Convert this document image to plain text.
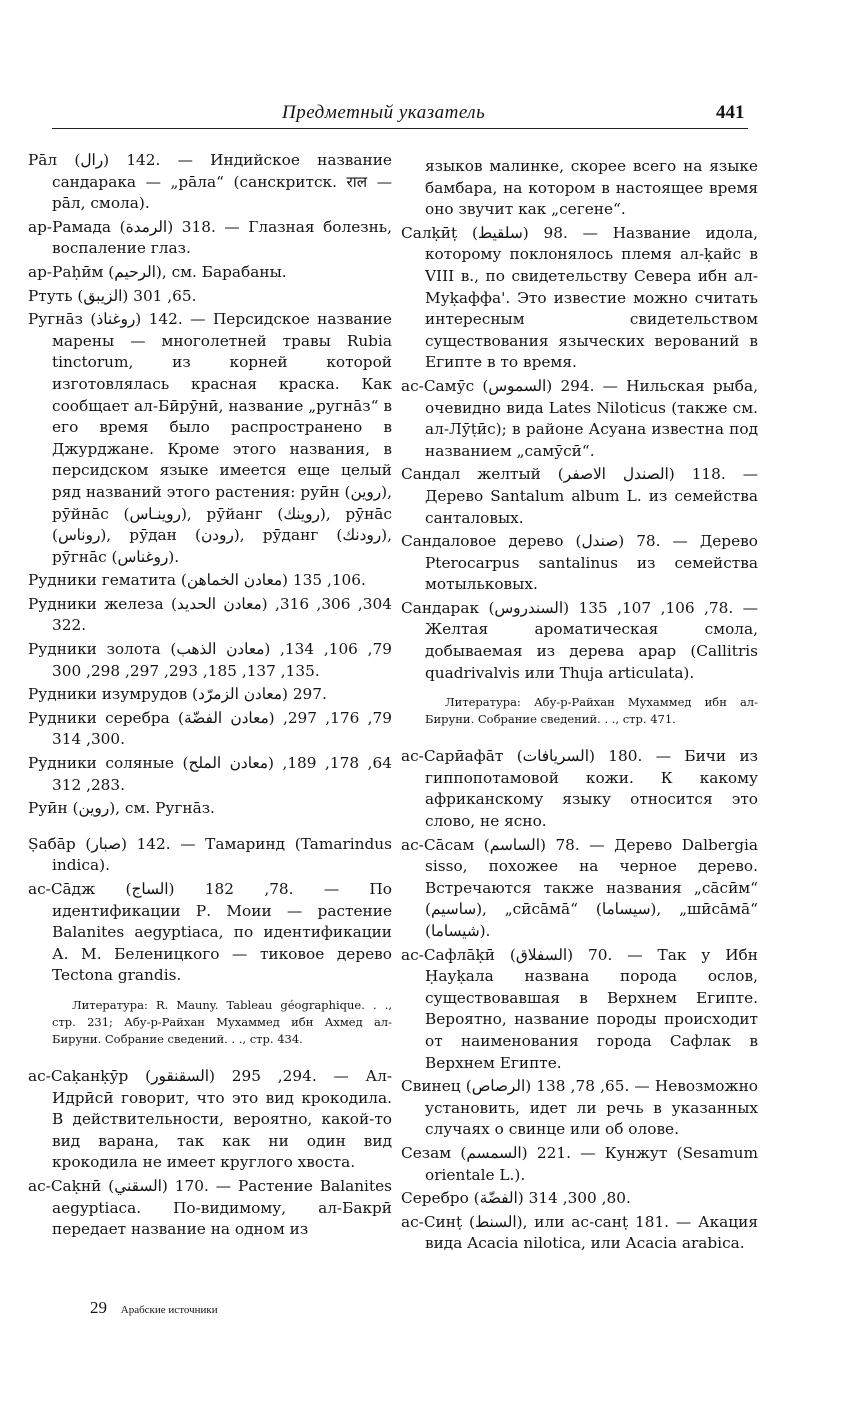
Предметный указатель	441

Рāл (رال) 142. — Индийское название сандарака — „рāла“ (санскритск. राल — рāл, смола).

ар-Рамада (الرمدة) 318. — Глазная болезнь, воспаление глаз.

ар-Раḥӣм (الرحيم), см. Барабаны.

Ртуть (الزيبق) 65, 301.

Ругнāз (روغناذ) 142. — Персидское название марены — многолетней травы Rubia tinctorum, из корней которой изготовлялась красная краска. Как сообщает ал-Бӣрӯнӣ, название „ругнāз“ в его время было распространено в Джурджане. Кроме этого названия, в персидском языке имеется еще целый ряд названий этого растения: руӣн (روين), рӯйнāс (روينـاس), рӯйанг (روينك), рӯнāс (روناس), рӯдан (رودن), рӯданг (رودنك), рӯгнāс (روغناس).

Рудники гематита (معادن الخماهن) 106, 135.

Рудники железа (معادن الحديد) 304, 306, 316, 322.

Рудники золота (معادن الذهب) 79, 106, 134, 135, 137, 185, 293, 297, 298, 300.

Рудники изумрудов (معادن الزمرّد) 297.

Рудники серебра (معادن الفضّة) 79, 176, 297, 300, 314.

Рудники соляные (معادن الملح) 64, 178, 189, 283, 312.

Руӣн (روين), см. Ругнāз.

Ṣабāр (صبار) 142. — Тамаринд (Tamarindus indica).

ас-Сāдж (الساج) 78, 182. — По идентификации Р. Моии — растение Balanites aegyptiaca, по идентификации А. М. Беленицкого — тиковое дерево Tectona grandis.

Литература: R. Mauny. Tableau géographique. . ., стр. 231; Абу-р-Райхан Мухаммед ибн Ахмед ал-Бируни. Собрание сведений. . ., стр. 434.

ас-Саḳанḳӯр (السقنقور) 294, 295. — Ал-Идрӣсӣ говорит, что это вид крокодила. В действительности, вероятно, какой-то вид варана, так как ни один вид крокодила не имеет круглого хвоста.

ас-Саḳнӣ (السقني) 170. — Растение Balanites aegyptiaca. По-видимому, ал-Бакрӣ передает название на одном из

языков малинке, скорее всего на языке бамбара, на котором в настоящее время оно звучит как „сегене“.

Салḳӣṭ (سلقيط) 98. — Название идола, которому поклонялось племя ал-ḳайс в VIII в., по свидетельству Севера ибн ал-Муḳаффа'. Это известие можно считать интересным свидетельством существования языческих верований в Египте в то время.

ас-Самӯс (السموس) 294. — Нильская рыба, очевидно вида Lates Niloticus (также см. ал-Лӯṭӣс); в районе Асуана известна под названием „самӯсӣ“.

Сандал желтый (الصندل الاصفر) 118. — Дерево Santalum album L. из семейства санталовых.

Сандаловое дерево (صندل) 78. — Дерево Pterocarpus santalinus из семейства мотыльковых.

Сандарак (السندروس) 78, 106, 107, 135. — Желтая ароматическая смола, добываемая из дерева арар (Callitris quadrivalvis или Thuja articulata).

Литература: Абу-р-Райхан Мухаммед ибн ал-Бируни. Собрание сведений. . ., стр. 471.

ас-Сарӣафāт (السريافات) 180. — Бичи из гиппопотамовой кожи. К какому африканскому языку относится это слово, не ясно.

ас-Сāсам (الساسم) 78. — Дерево Dalbergia sisso, похожее на черное дерево. Встречаются также названия „сāсӣм“ (ساسيم), „сӣсāмā“ (سيساما), „шӣсāмā“ (شيساما).

ас-Сафлāḳӣ (السفلاق) 70. — Так у Ибн Ḥауḳала названа порода ослов, существовавшая в Верхнем Египте. Вероятно, название породы происходит от наименования города Сафлак в Верхнем Египте.

Свинец (الرصاص) 65, 78, 138. — Невозможно установить, идет ли речь в указанных случаях о свинце или об олове.

Сезам (السمسم) 221. — Кунжут (Sesamum orientale L.).

Серебро (الفضّة) 80, 300, 314.

ас-Синṭ (السنط), или ас-санṭ 181. — Акация вида Acacia nilotica, или Acacia arabica.

29 Арабские источники
